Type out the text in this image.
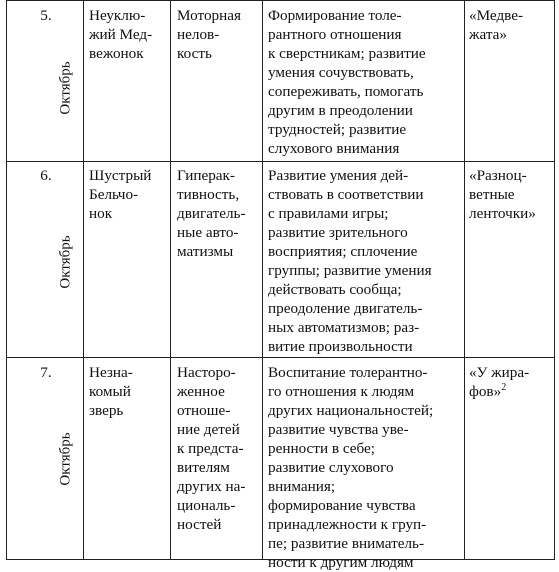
5.
Октябрь
Неуклю-
жий Мед-
вежонок
Моторная
нелов-
кость
Формирование толе-
рантного отношения
к сверстникам; развитие
умения сочувствовать,
сопереживать, помогать
другим в преодолении
трудностей; развитие
слухового внимания
«Медве-
жата»
6.
Октябрь
Шустрый
Бельчо-
нок
Гиперак-
тивность,
двигатель-
ные авто-
матизмы
Развитие умения дей-
ствовать в соответствии
с правилами игры;
развитие зрительного
восприятия; сплочение
группы; развитие умения
действовать сообща;
преодоление двигатель-
ных автоматизмов; раз-
витие произвольности
«Разноц-
ветные
ленточки»
7.
Октябрь
Незна-
комый
зверь
Насторо-
женное
отноше-
ние детей
к предста-
вителям
других на-
циональ-
ностей
Воспитание толерантно-
го отношения к людям
других национальностей;
развитие чувства уве-
ренности в себе;
развитие слухового внимания;
формирование чувства
принадлежности к груп-
пе; развитие вниматель-
ности к другим людям
«У жира-
фов»$^2$
